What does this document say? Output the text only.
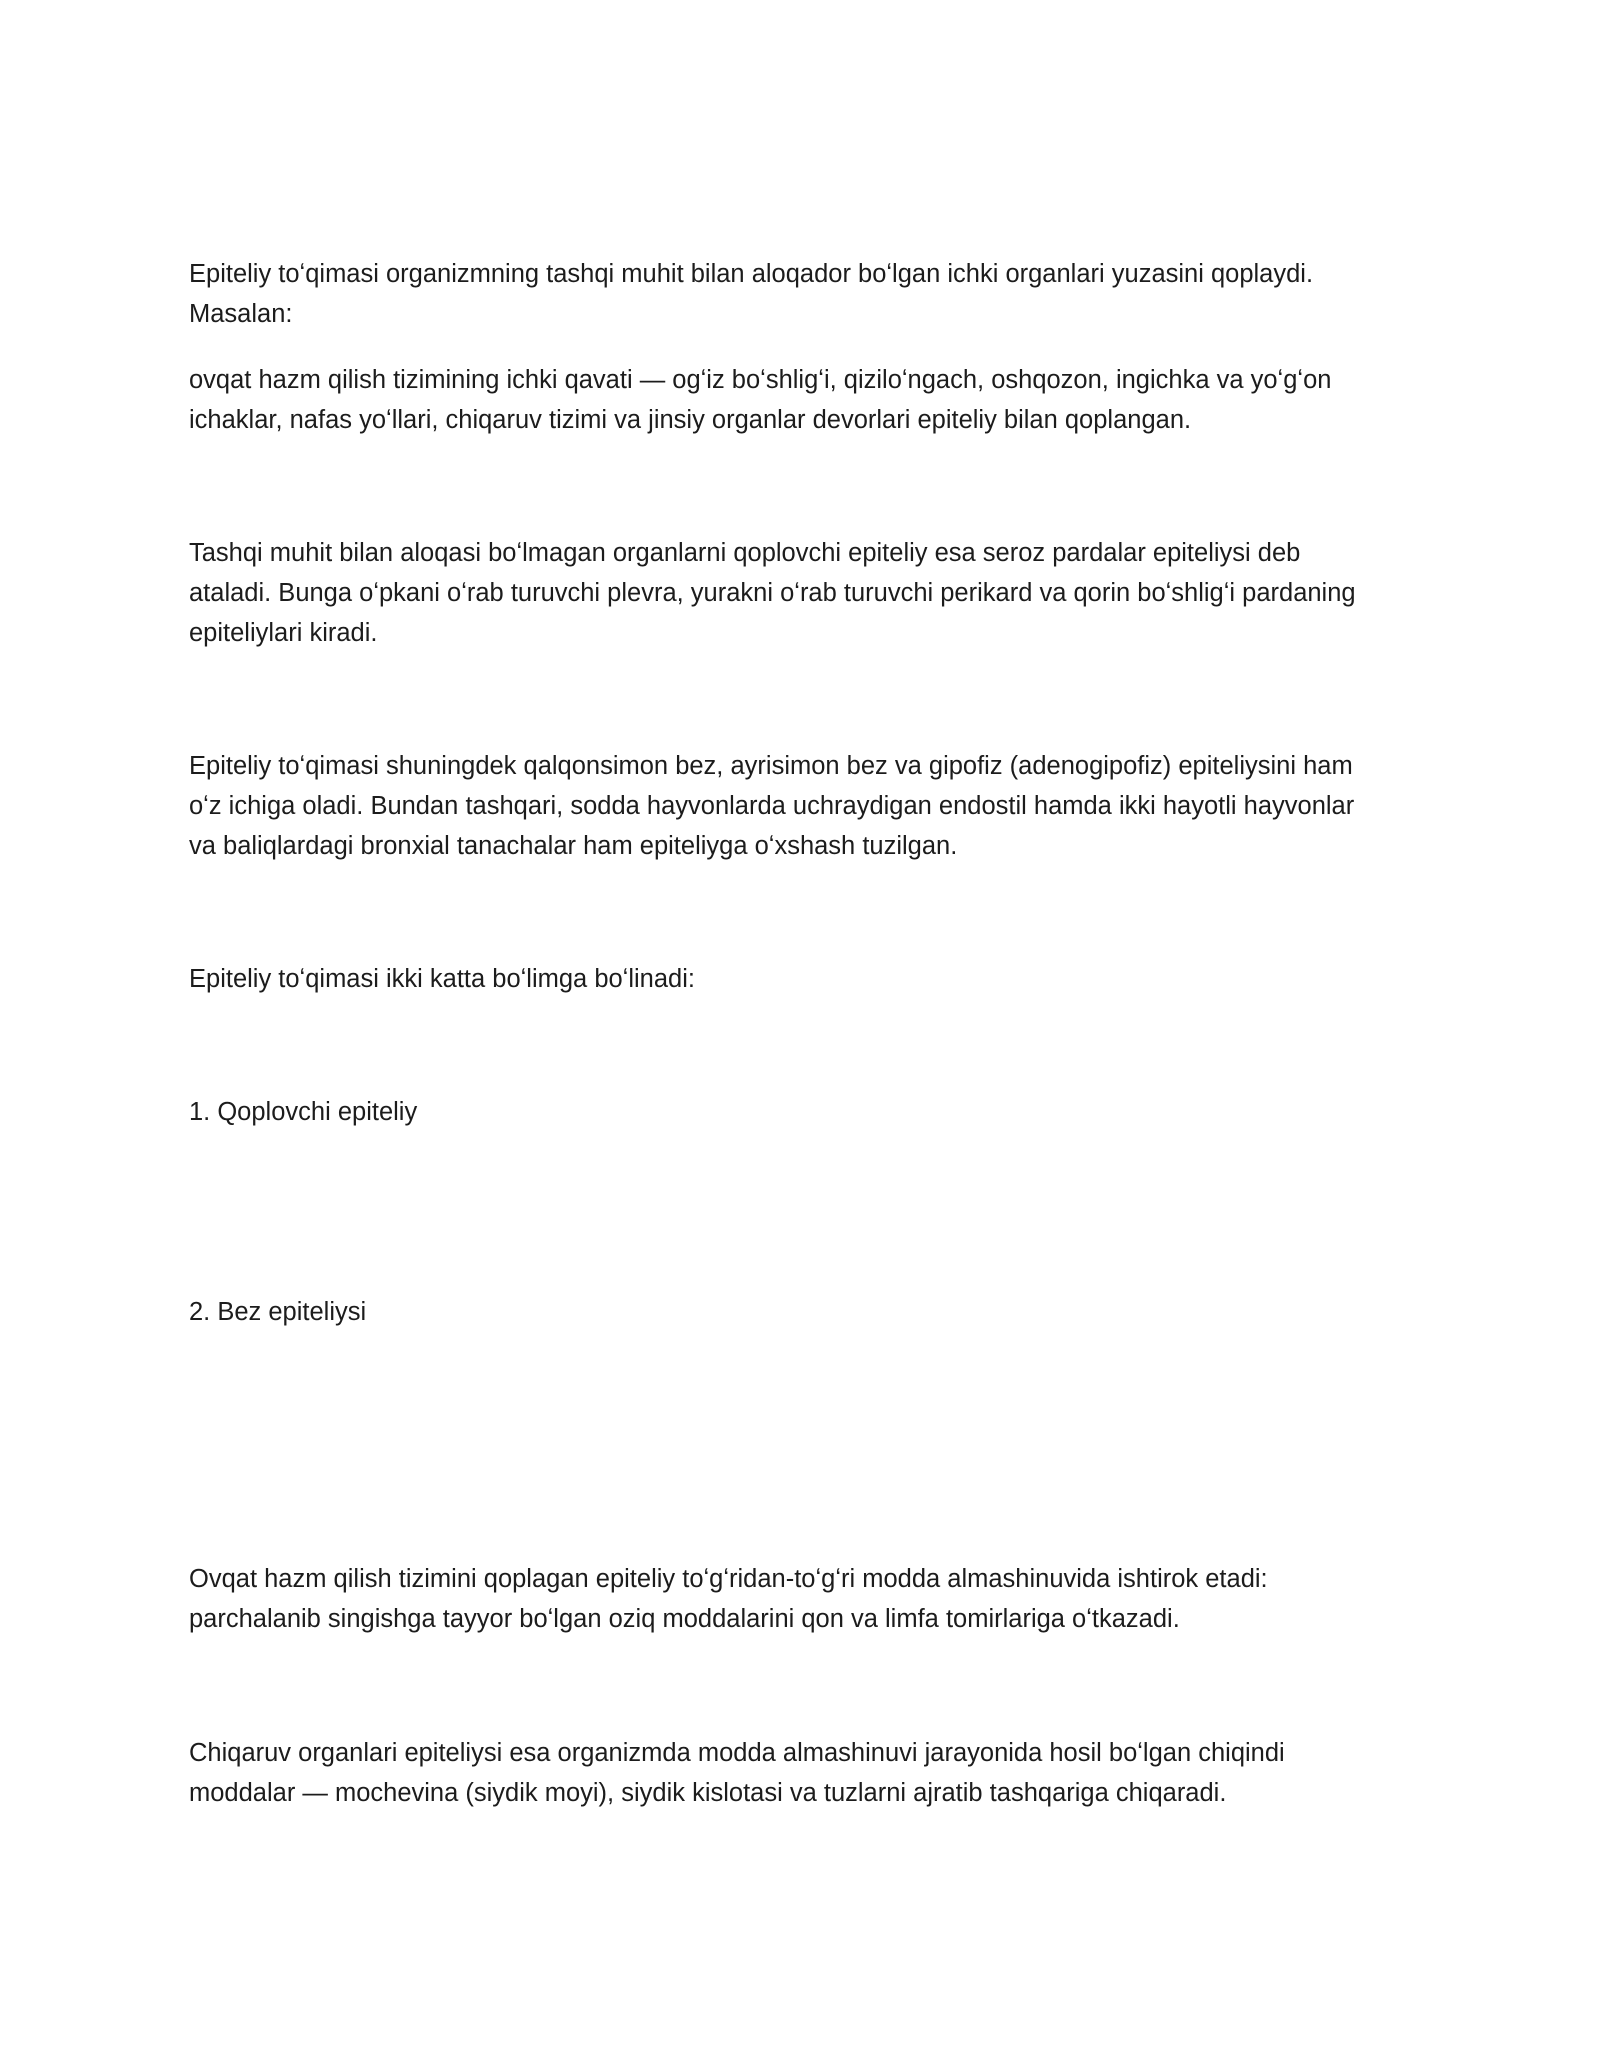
Epiteliy toʻqimasi organizmning tashqi muhit bilan aloqador boʻlgan ichki organlari yuzasini qoplaydi.
Masalan:

ovqat hazm qilish tizimining ichki qavati — ogʻiz boʻshligʻi, qiziloʻngach, oshqozon, ingichka va yoʻgʻon
ichaklar, nafas yoʻllari, chiqaruv tizimi va jinsiy organlar devorlari epiteliy bilan qoplangan.

Tashqi muhit bilan aloqasi boʻlmagan organlarni qoplovchi epiteliy esa seroz pardalar epiteliysi deb
ataladi. Bunga oʻpkani oʻrab turuvchi plevra, yurakni oʻrab turuvchi perikard va qorin boʻshligʻi pardaning
epiteliylari kiradi.

Epiteliy toʻqimasi shuningdek qalqonsimon bez, ayrisimon bez va gipofiz (adenogipofiz) epiteliysini ham
oʻz ichiga oladi. Bundan tashqari, sodda hayvonlarda uchraydigan endostil hamda ikki hayotli hayvonlar
va baliqlardagi bronxial tanachalar ham epiteliyga oʻxshash tuzilgan.

Epiteliy toʻqimasi ikki katta boʻlimga boʻlinadi:

1. Qoplovchi epiteliy

2. Bez epiteliysi

Ovqat hazm qilish tizimini qoplagan epiteliy toʻgʻridan-toʻgʻri modda almashinuvida ishtirok etadi:
parchalanib singishga tayyor boʻlgan oziq moddalarini qon va limfa tomirlariga oʻtkazadi.

Chiqaruv organlari epiteliysi esa organizmda modda almashinuvi jarayonida hosil boʻlgan chiqindi
moddalar — mochevina (siydik moyi), siydik kislotasi va tuzlarni ajratib tashqariga chiqaradi.
